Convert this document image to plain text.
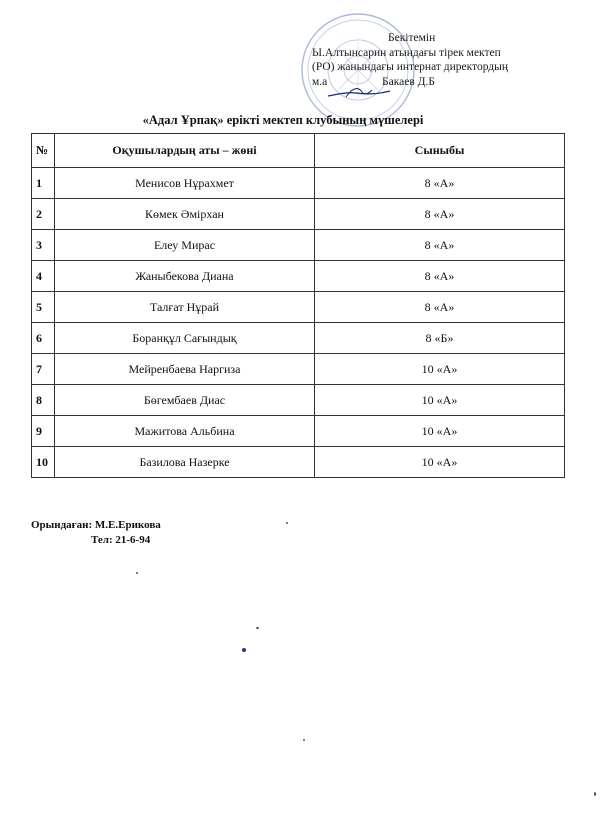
Бекітемін
Ы.Алтынсарин атындағы тірек мектеп
(РО) жанындағы интернат директордың
м.а	Бакаев Д.Б
«Адал Ұрпақ» ерікті мектеп клубының мүшелері
№	Оқушылардың аты – жөні	Сыныбы
1	Менисов Нұрахмет	8 «А»
2	Көмек Әмірхан	8 «А»
3	Елеу Мирас	8 «А»
4	Жаныбекова Диана	8 «А»
5	Талғат Нұрай	8 «А»
6	Боранқұл Сағындық	8 «Б»
7	Мейренбаева Наргиза	10 «А»
8	Бөгембаев Диас	10 «А»
9	Мажитова Альбина	10 «А»
10	Базилова Назерке	10 «А»
Орындаған: М.Е.Ерикова
Тел: 21-6-94
